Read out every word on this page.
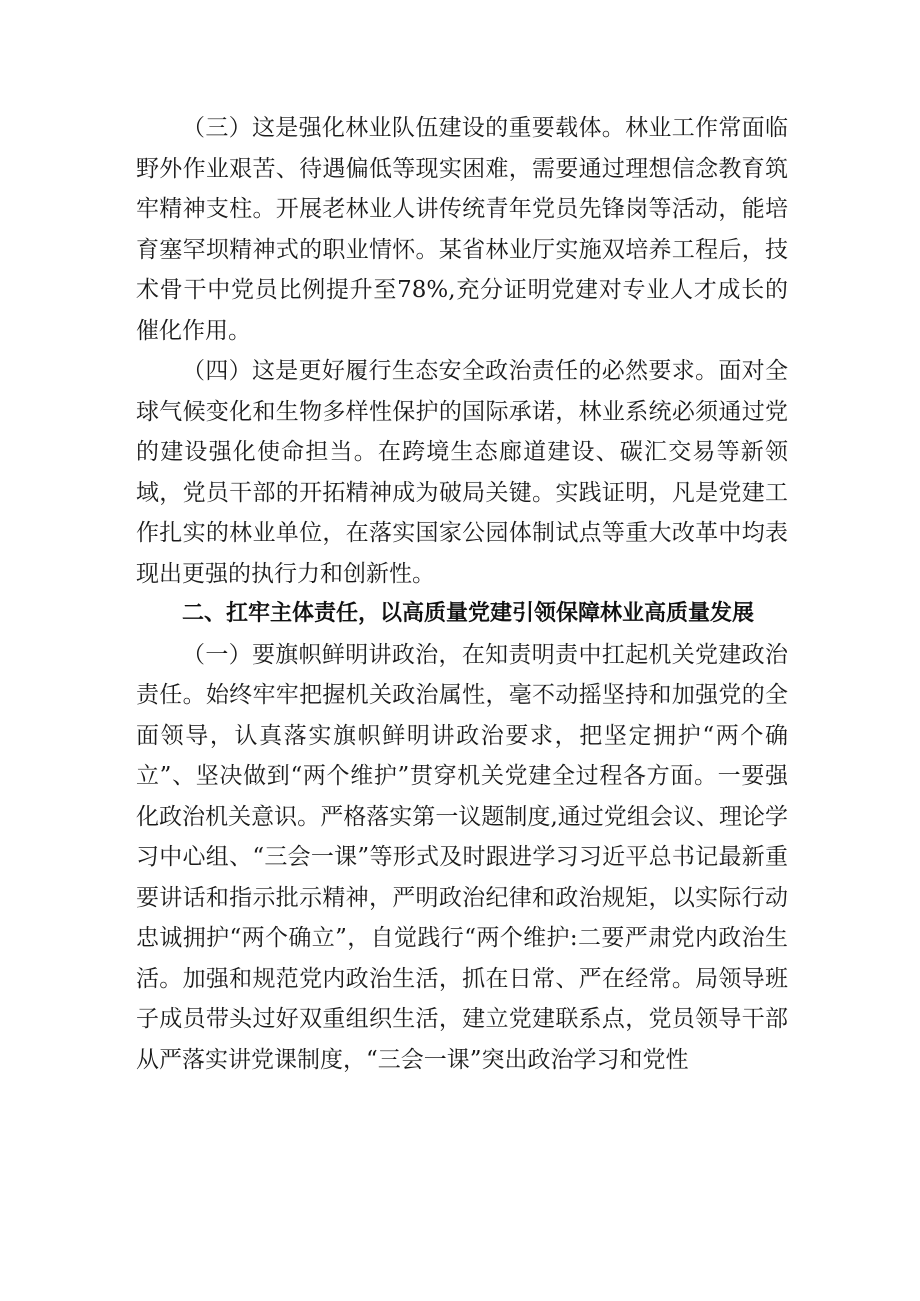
（三）这是强化林业队伍建设的重要载体。林业工作常面临野外作业艰苦、待遇偏低等现实困难，需要通过理想信念教育筑牢精神支柱。开展老林业人讲传统青年党员先锋岗等活动，能培育塞罕坝精神式的职业情怀。某省林业厅实施双培养工程后，技术骨干中党员比例提升至78%,充分证明党建对专业人才成长的催化作用。

（四）这是更好履行生态安全政治责任的必然要求。面对全球气候变化和生物多样性保护的国际承诺，林业系统必须通过党的建设强化使命担当。在跨境生态廊道建设、碳汇交易等新领域，党员干部的开拓精神成为破局关键。实践证明，凡是党建工作扎实的林业单位，在落实国家公园体制试点等重大改革中均表现出更强的执行力和创新性。

二、扛牢主体责任，以高质量党建引领保障林业高质量发展

（一）要旗帜鲜明讲政治，在知责明责中扛起机关党建政治责任。始终牢牢把握机关政治属性，毫不动摇坚持和加强党的全面领导，认真落实旗帜鲜明讲政治要求，把坚定拥护“两个确立”、坚决做到“两个维护”贯穿机关党建全过程各方面。一要强化政治机关意识。严格落实第一议题制度,通过党组会议、理论学习中心组、“三会一课”等形式及时跟进学习习近平总书记最新重要讲话和指示批示精神，严明政治纪律和政治规矩，以实际行动忠诚拥护“两个确立”，自觉践行“两个维护:二要严肃党内政治生活。加强和规范党内政治生活，抓在日常、严在经常。局领导班子成员带头过好双重组织生活，建立党建联系点，党员领导干部从严落实讲党课制度，“三会一课”突出政治学习和党性
